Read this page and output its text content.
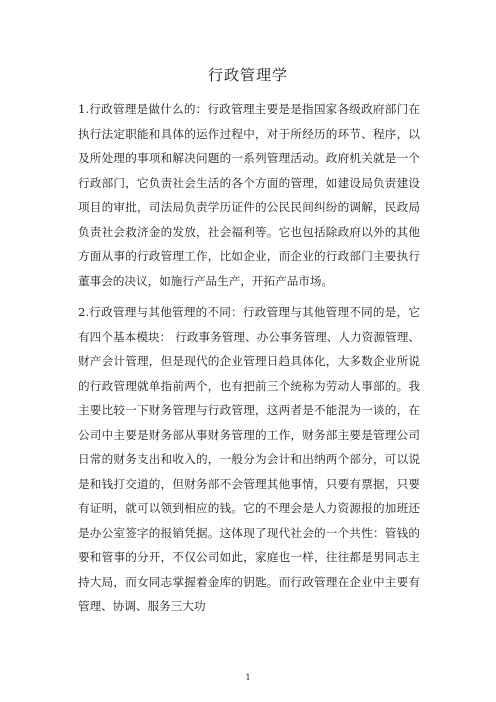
行政管理学

1.行政管理是做什么的：行政管理主要是是指国家各级政府部门在执行法定职能和具体的运作过程中，对于所经历的环节、程序，以及所处理的事项和解决问题的一系列管理活动。政府机关就是一个行政部门，它负责社会生活的各个方面的管理，如建设局负责建设项目的审批，司法局负责学历证件的公民民间纠纷的调解，民政局负责社会救济金的发放，社会福利等。它也包括除政府以外的其他方面从事的行政管理工作，比如企业，而企业的行政部门主要执行董事会的决议，如施行产品生产，开拓产品市场。

2.行政管理与其他管理的不同：行政管理与其他管理不同的是，它有四个基本模块： 行政事务管理、办公事务管理、人力资源管理、财产会计管理，但是现代的企业管理日趋具体化，大多数企业所说的行政管理就单指前两个，也有把前三个统称为劳动人事部的。我主要比较一下财务管理与行政管理，这两者是不能混为一谈的，在公司中主要是财务部从事财务管理的工作，财务部主要是管理公司日常的财务支出和收入的，一般分为会计和出纳两个部分，可以说是和钱打交道的，但财务部不会管理其他事情，只要有票据，只要有证明，就可以领到相应的钱。它的不理会是人力资源报的加班还是办公室签字的报销凭据。这体现了现代社会的一个共性：管钱的要和管事的分开，不仅公司如此，家庭也一样，往往都是男同志主持大局，而女同志掌握着金库的钥匙。而行政管理在企业中主要有管理、协调、服务三大功

1
